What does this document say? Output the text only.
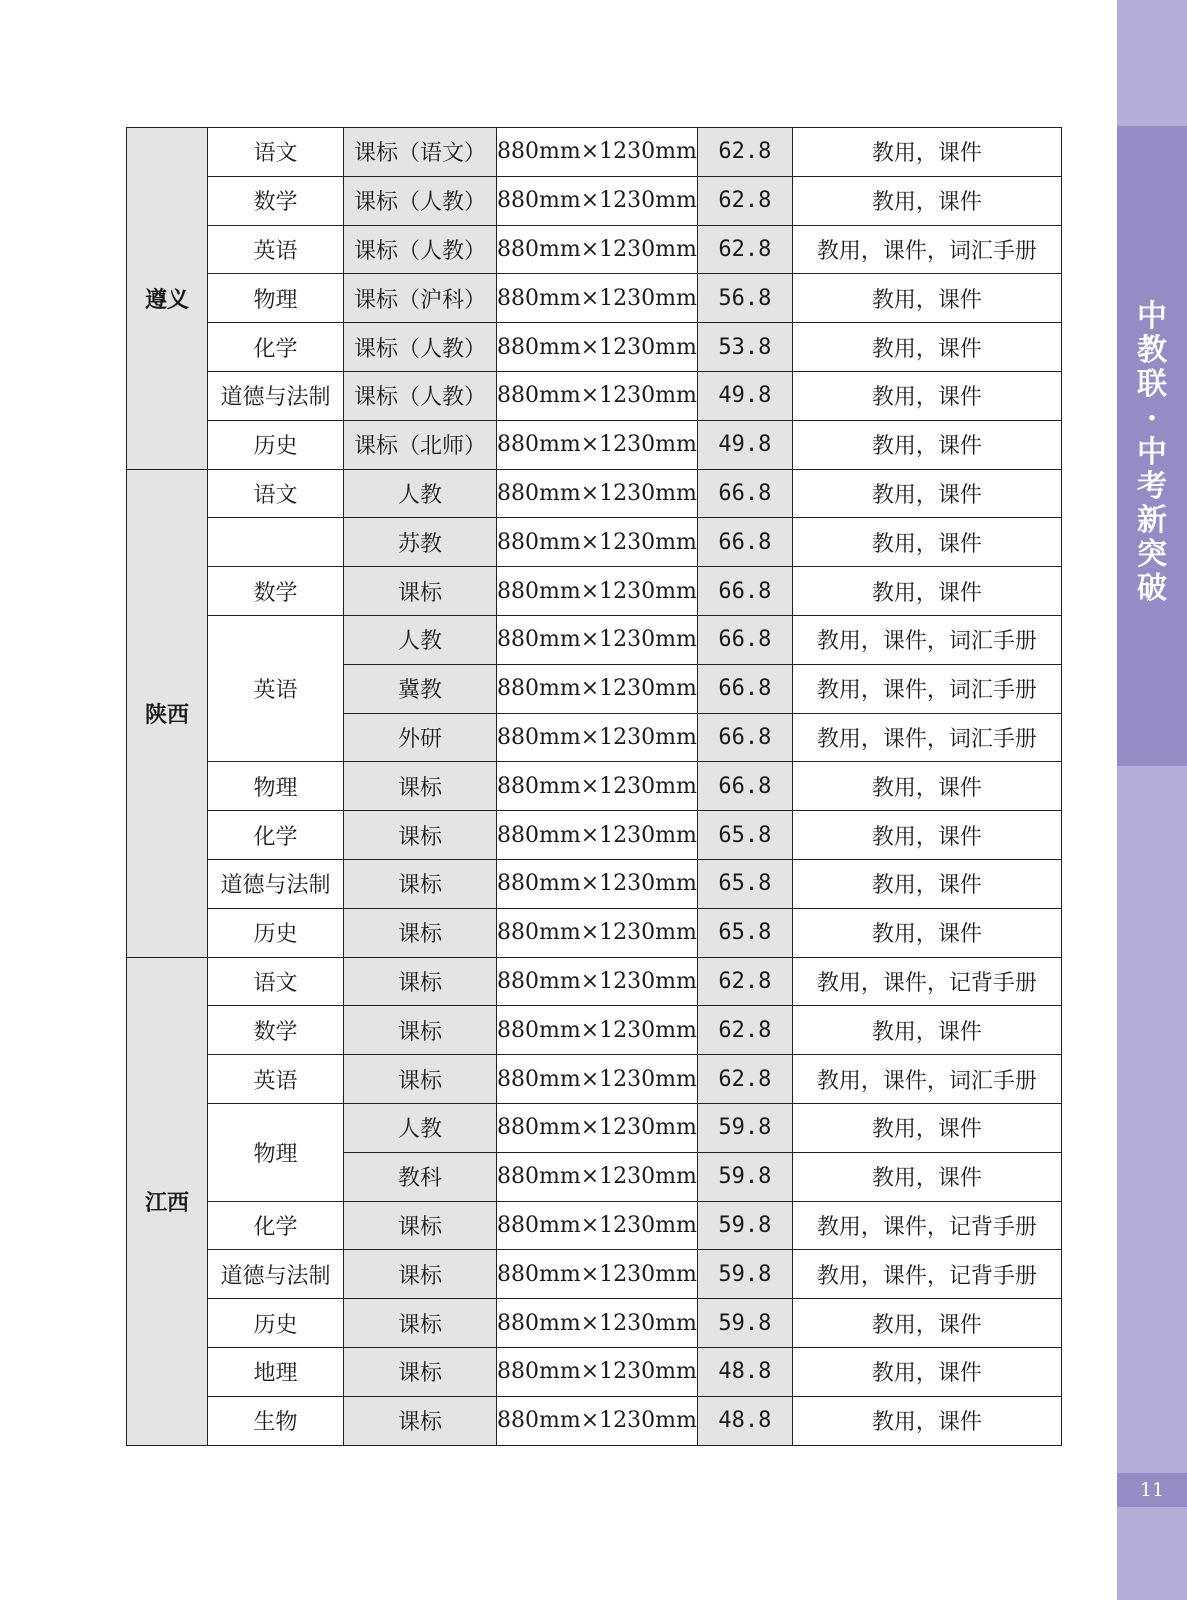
中
教
联
·
中
考
新
突
破
11
遵义	语文	课标（语文）	880mm×1230mm	62.8	教用，课件
	数学	课标（人教）	880mm×1230mm	62.8	教用，课件
	英语	课标（人教）	880mm×1230mm	62.8	教用，课件，词汇手册
	物理	课标（沪科）	880mm×1230mm	56.8	教用，课件
	化学	课标（人教）	880mm×1230mm	53.8	教用，课件
	道德与法制	课标（人教）	880mm×1230mm	49.8	教用，课件
	历史	课标（北师）	880mm×1230mm	49.8	教用，课件
陕西	语文	人教	880mm×1230mm	66.8	教用，课件
		苏教	880mm×1230mm	66.8	教用，课件
	数学	课标	880mm×1230mm	66.8	教用，课件
	英语	人教	880mm×1230mm	66.8	教用，课件，词汇手册
		冀教	880mm×1230mm	66.8	教用，课件，词汇手册
		外研	880mm×1230mm	66.8	教用，课件，词汇手册
	物理	课标	880mm×1230mm	66.8	教用，课件
	化学	课标	880mm×1230mm	65.8	教用，课件
	道德与法制	课标	880mm×1230mm	65.8	教用，课件
	历史	课标	880mm×1230mm	65.8	教用，课件
江西	语文	课标	880mm×1230mm	62.8	教用，课件，记背手册
	数学	课标	880mm×1230mm	62.8	教用，课件
	英语	课标	880mm×1230mm	62.8	教用，课件，词汇手册
	物理	人教	880mm×1230mm	59.8	教用，课件
		教科	880mm×1230mm	59.8	教用，课件
	化学	课标	880mm×1230mm	59.8	教用，课件，记背手册
	道德与法制	课标	880mm×1230mm	59.8	教用，课件，记背手册
	历史	课标	880mm×1230mm	59.8	教用，课件
	地理	课标	880mm×1230mm	48.8	教用，课件
	生物	课标	880mm×1230mm	48.8	教用，课件
